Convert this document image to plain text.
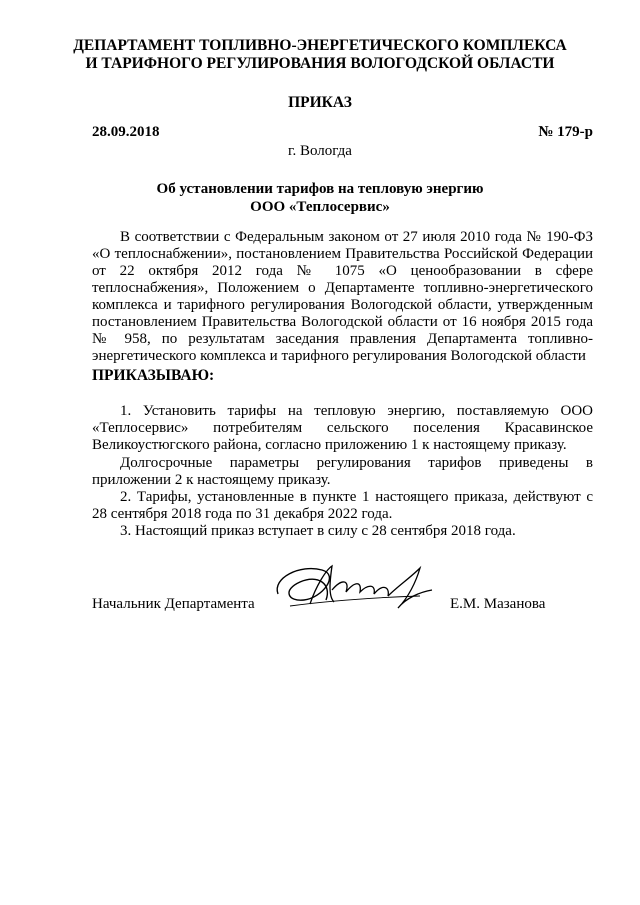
ДЕПАРТАМЕНТ ТОПЛИВНО-ЭНЕРГЕТИЧЕСКОГО КОМПЛЕКСА
И ТАРИФНОГО РЕГУЛИРОВАНИЯ ВОЛОГОДСКОЙ ОБЛАСТИ
ПРИКАЗ
28.09.2018	№ 179-р
г. Вологда
Об установлении тарифов на тепловую энергию
ООО «Теплосервис»

В соответствии с Федеральным законом от 27 июля 2010 года № 190-ФЗ «О теплоснабжении», постановлением Правительства Российской Федерации от 22 октября 2012 года № 1075 «О ценообразовании в сфере теплоснабжения», Положением о Департаменте топливно-энергетического комплекса и тарифного регулирования Вологодской области, утвержденным постановлением Правительства Вологодской области от 16 ноября 2015 года № 958, по результатам заседания правления Департамента топливно-энергетического комплекса и тарифного регулирования Вологодской области

ПРИКАЗЫВАЮ:

1. Установить тарифы на тепловую энергию, поставляемую ООО «Теплосервис» потребителям сельского поселения Красавинское Великоустюгского района, согласно приложению 1 к настоящему приказу.

Долгосрочные параметры регулирования тарифов приведены в приложении 2 к настоящему приказу.

2. Тарифы, установленные в пункте 1 настоящего приказа, действуют с 28 сентября 2018 года по 31 декабря 2022 года.

3. Настоящий приказ вступает в силу с 28 сентября 2018 года.

Начальник Департамента	Е.М. Мазанова
